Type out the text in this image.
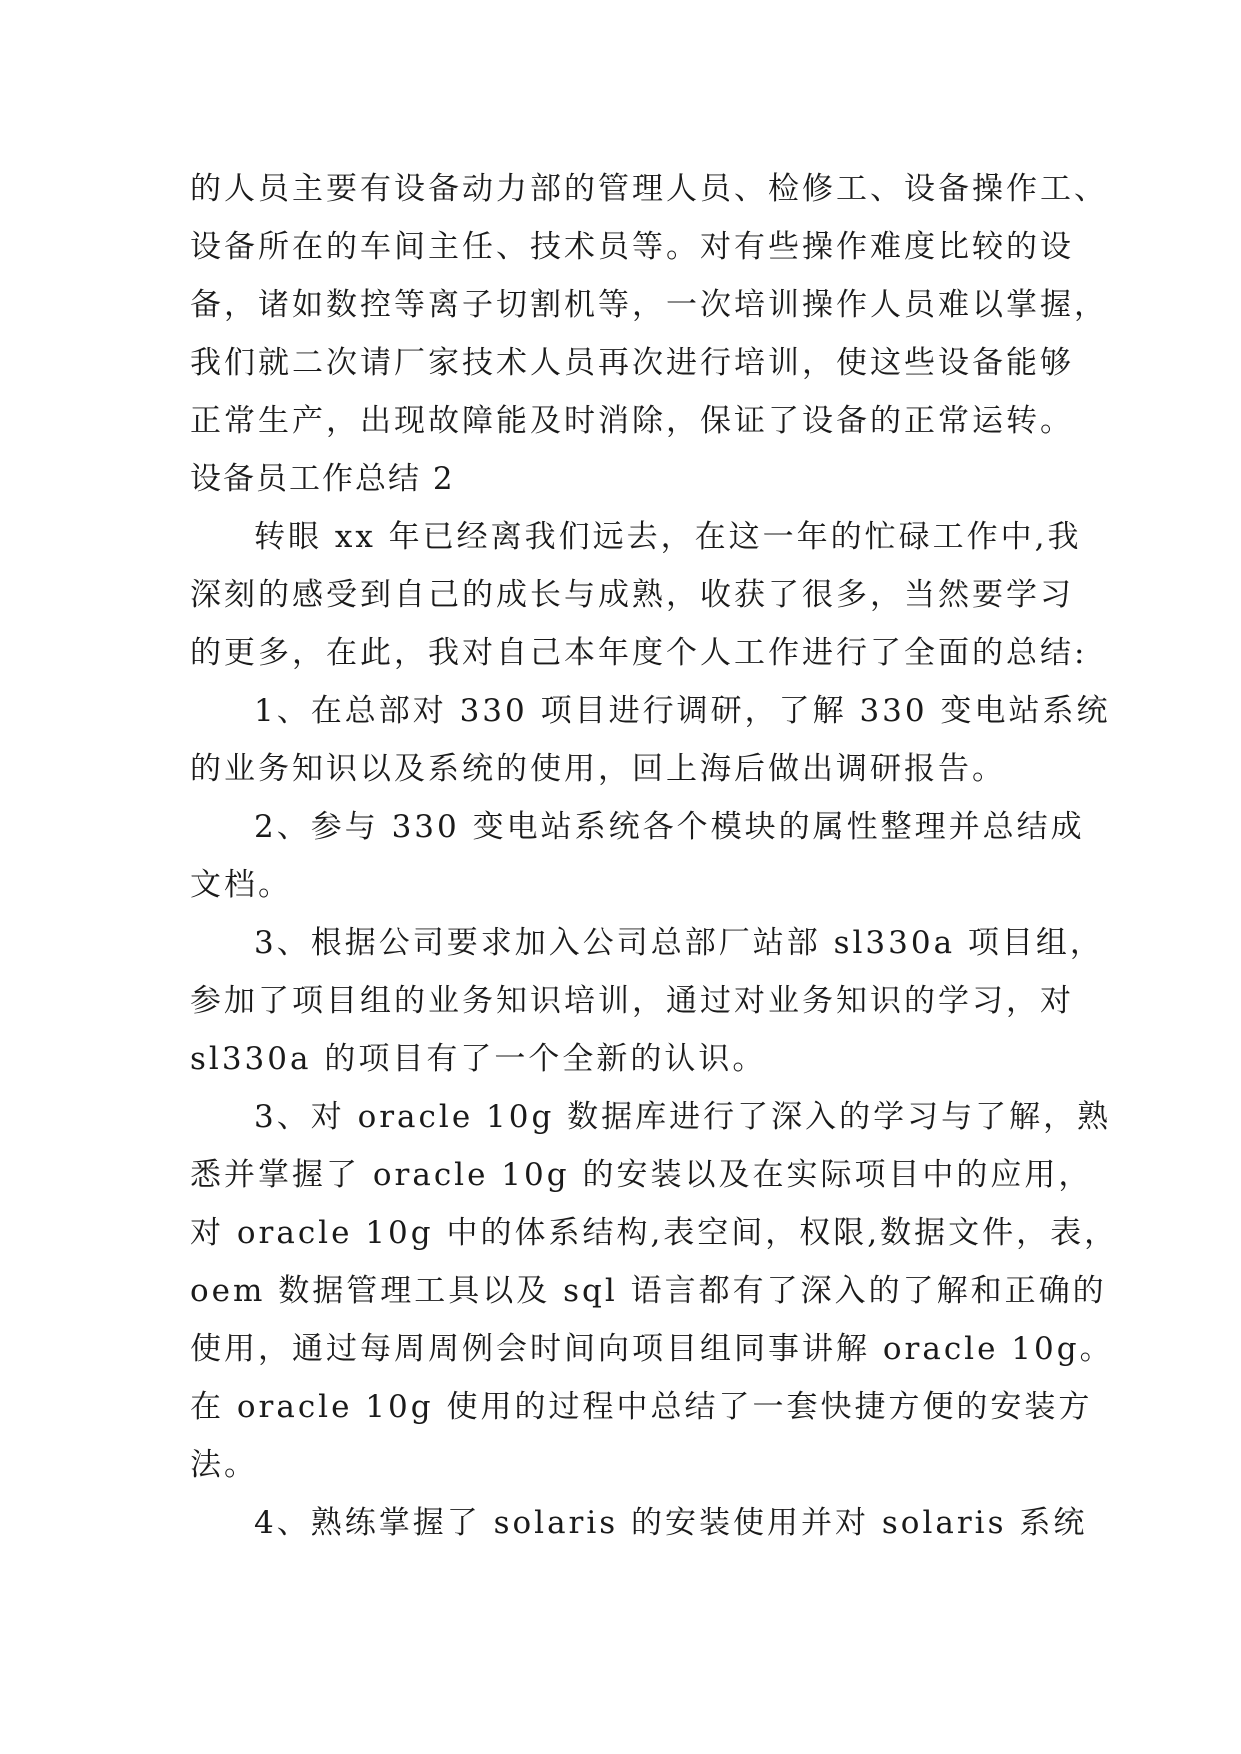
的人员主要有设备动力部的管理人员、检修工、设备操作工、
设备所在的车间主任、技术员等。对有些操作难度比较的设
备，诸如数控等离子切割机等，一次培训操作人员难以掌握，
我们就二次请厂家技术人员再次进行培训，使这些设备能够
正常生产，出现故障能及时消除，保证了设备的正常运转。
设备员工作总结 2
转眼 xx 年已经离我们远去，在这一年的忙碌工作中,我
深刻的感受到自己的成长与成熟，收获了很多，当然要学习
的更多，在此，我对自己本年度个人工作进行了全面的总结:
1、在总部对 330 项目进行调研，了解 330 变电站系统
的业务知识以及系统的使用，回上海后做出调研报告。
2、参与 330 变电站系统各个模块的属性整理并总结成
文档。
3、根据公司要求加入公司总部厂站部 sl330a 项目组，
参加了项目组的业务知识培训，通过对业务知识的学习，对
sl330a 的项目有了一个全新的认识。
3、对 oracle 10g 数据库进行了深入的学习与了解，熟
悉并掌握了 oracle 10g 的安装以及在实际项目中的应用，
对 oracle 10g 中的体系结构,表空间，权限,数据文件，表，
oem 数据管理工具以及 sql 语言都有了深入的了解和正确的
使用，通过每周周例会时间向项目组同事讲解 oracle 10g。
在 oracle 10g 使用的过程中总结了一套快捷方便的安装方
法。
4、熟练掌握了 solaris 的安装使用并对 solaris 系统
